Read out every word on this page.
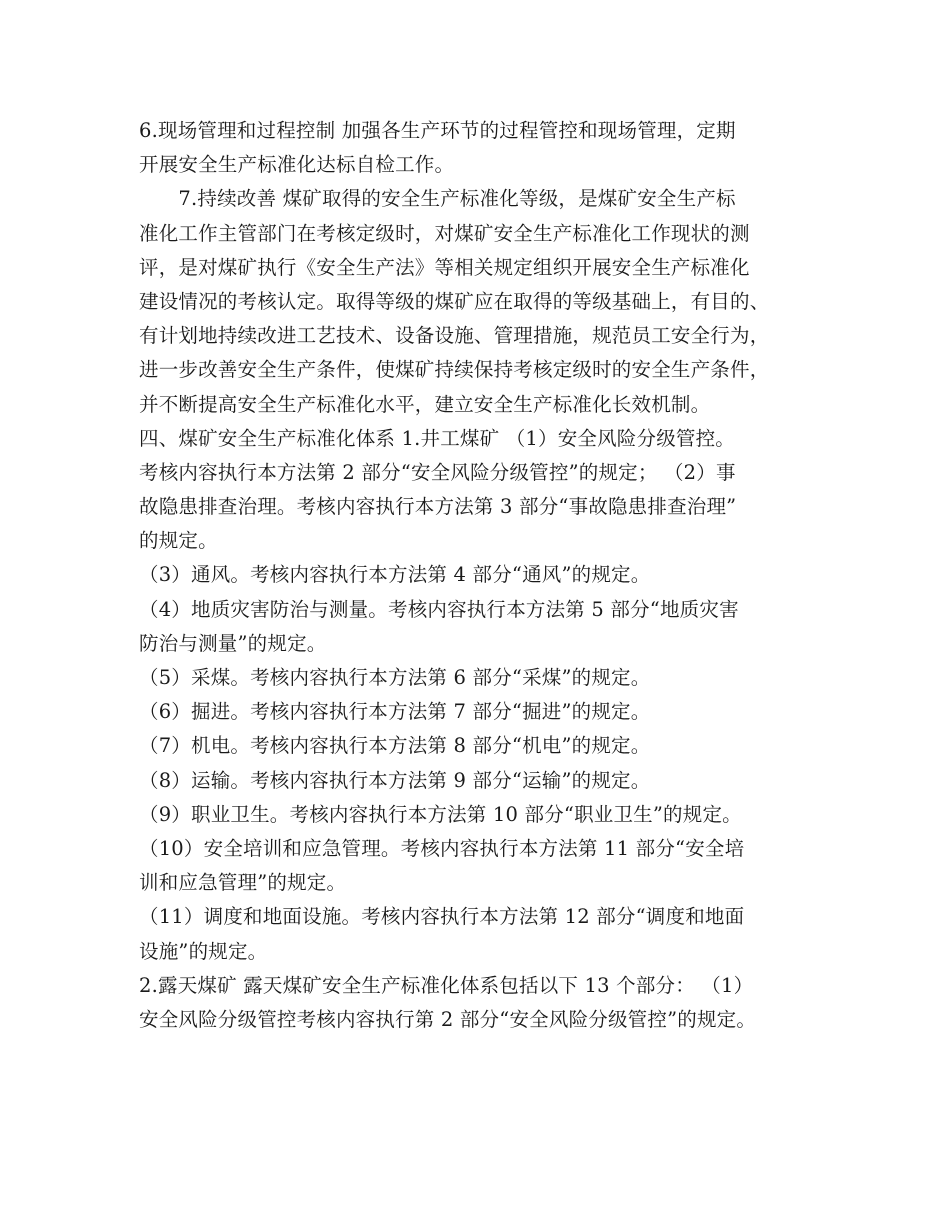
6.现场管理和过程控制 加强各生产环节的过程管控和现场管理，定期
开展安全生产标准化达标自检工作。
　　7.持续改善 煤矿取得的安全生产标准化等级，是煤矿安全生产标
准化工作主管部门在考核定级时，对煤矿安全生产标准化工作现状的测
评，是对煤矿执行《安全生产法》等相关规定组织开展安全生产标准化
建设情况的考核认定。取得等级的煤矿应在取得的等级基础上，有目的、
有计划地持续改进工艺技术、设备设施、管理措施，规范员工安全行为，
进一步改善安全生产条件，使煤矿持续保持考核定级时的安全生产条件，
并不断提高安全生产标准化水平，建立安全生产标准化长效机制。
四、煤矿安全生产标准化体系 1.井工煤矿 （1）安全风险分级管控。
考核内容执行本方法第 2 部分“安全风险分级管控”的规定； （2）事
故隐患排查治理。考核内容执行本方法第 3 部分“事故隐患排查治理”
的规定。
（3）通风。考核内容执行本方法第 4 部分“通风”的规定。
（4）地质灾害防治与测量。考核内容执行本方法第 5 部分“地质灾害
防治与测量”的规定。
（5）采煤。考核内容执行本方法第 6 部分“采煤”的规定。
（6）掘进。考核内容执行本方法第 7 部分“掘进”的规定。
（7）机电。考核内容执行本方法第 8 部分“机电”的规定。
（8）运输。考核内容执行本方法第 9 部分“运输”的规定。
（9）职业卫生。考核内容执行本方法第 10 部分“职业卫生”的规定。
（10）安全培训和应急管理。考核内容执行本方法第 11 部分“安全培
训和应急管理”的规定。
（11）调度和地面设施。考核内容执行本方法第 12 部分“调度和地面
设施”的规定。
2.露天煤矿 露天煤矿安全生产标准化体系包括以下 13 个部分： （1）
安全风险分级管控考核内容执行第 2 部分“安全风险分级管控”的规定。
